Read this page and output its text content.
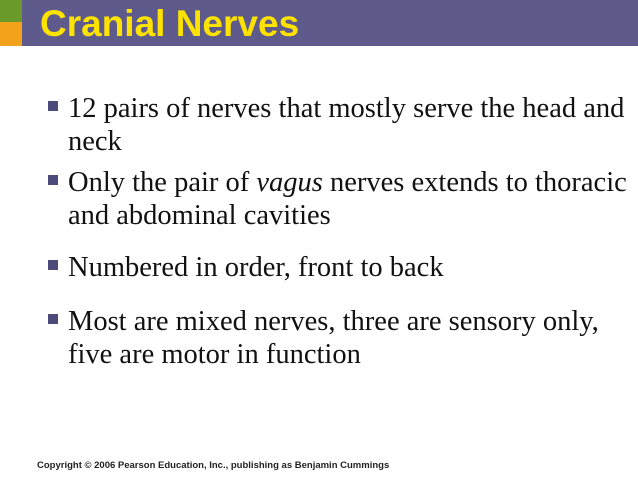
Cranial Nerves
12 pairs of nerves that mostly serve the head and neck
Only the pair of vagus nerves extends to thoracic and abdominal cavities
Numbered in order, front to back
Most are mixed nerves, three are sensory only, five are motor in function
Copyright © 2006 Pearson Education, Inc., publishing as Benjamin Cummings
